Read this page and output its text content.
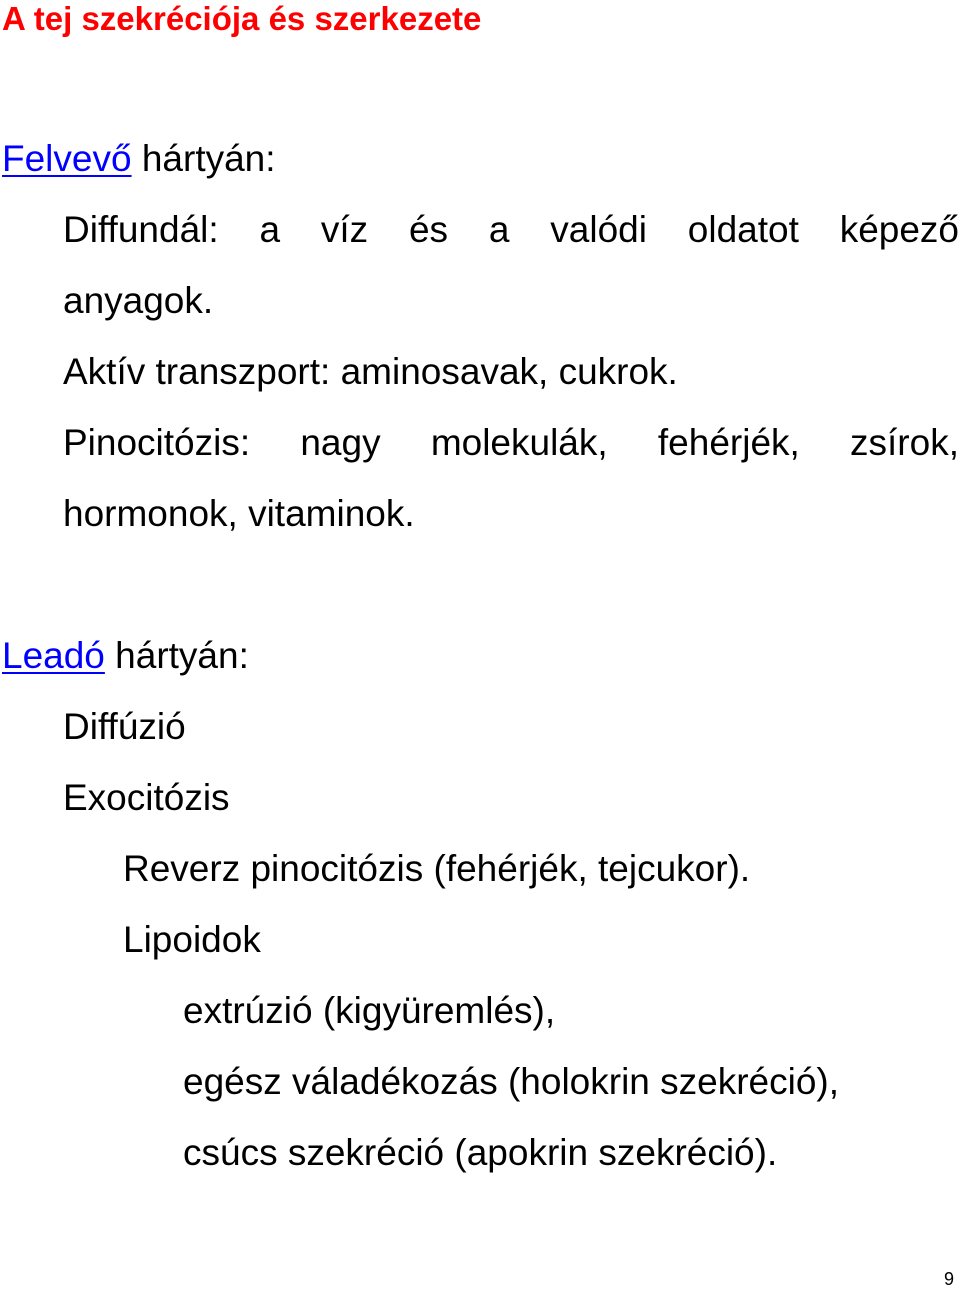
A tej szekréciója és szerkezete

Felvevő hártyán:

Diffundál: a víz és a valódi oldatot képező

anyagok.

Aktív transzport: aminosavak, cukrok.

Pinocitózis: nagy molekulák, fehérjék, zsírok,

hormonok, vitaminok.

Leadó hártyán:

Diffúzió

Exocitózis

Reverz pinocitózis (fehérjék, tejcukor).

Lipoidok

extrúzió (kigyüremlés),

egész váladékozás (holokrin szekréció),

csúcs szekréció (apokrin szekréció).

9
